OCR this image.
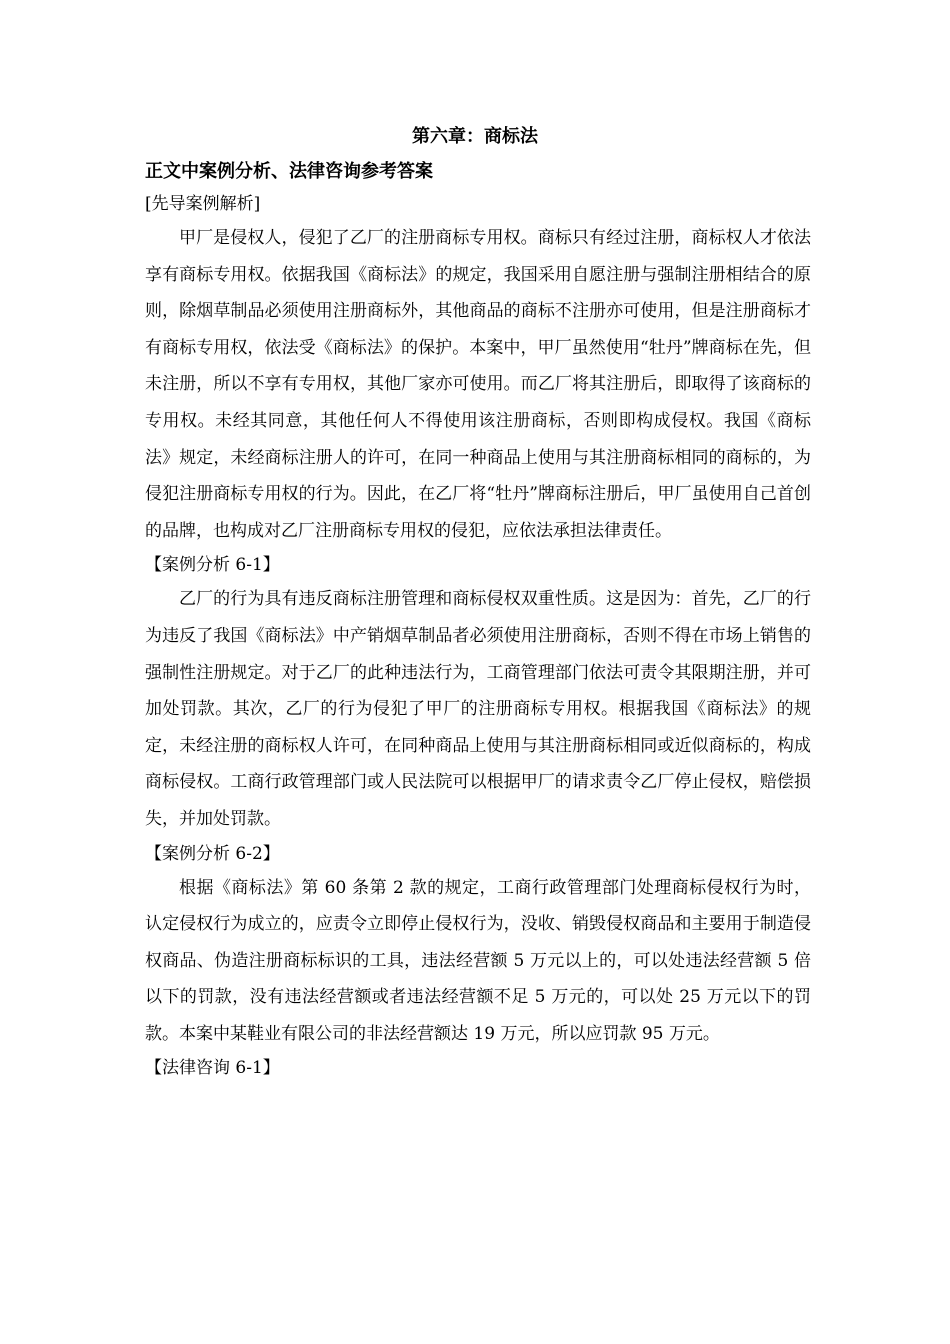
第六章：商标法

正文中案例分析、法律咨询参考答案

[先导案例解析]

甲厂是侵权人，侵犯了乙厂的注册商标专用权。商标只有经过注册，商标权人才依法享有商标专用权。依据我国《商标法》的规定，我国采用自愿注册与强制注册相结合的原则，除烟草制品必须使用注册商标外，其他商品的商标不注册亦可使用，但是注册商标才有商标专用权，依法受《商标法》的保护。本案中，甲厂虽然使用“牡丹”牌商标在先，但未注册，所以不享有专用权，其他厂家亦可使用。而乙厂将其注册后，即取得了该商标的专用权。未经其同意，其他任何人不得使用该注册商标，否则即构成侵权。我国《商标法》规定，未经商标注册人的许可，在同一种商品上使用与其注册商标相同的商标的，为侵犯注册商标专用权的行为。因此，在乙厂将“牡丹”牌商标注册后，甲厂虽使用自己首创的品牌，也构成对乙厂注册商标专用权的侵犯，应依法承担法律责任。

【案例分析 6-1】

乙厂的行为具有违反商标注册管理和商标侵权双重性质。这是因为：首先，乙厂的行为违反了我国《商标法》中产销烟草制品者必须使用注册商标，否则不得在市场上销售的强制性注册规定。对于乙厂的此种违法行为，工商管理部门依法可责令其限期注册，并可加处罚款。其次，乙厂的行为侵犯了甲厂的注册商标专用权。根据我国《商标法》的规定，未经注册的商标权人许可，在同种商品上使用与其注册商标相同或近似商标的，构成商标侵权。工商行政管理部门或人民法院可以根据甲厂的请求责令乙厂停止侵权，赔偿损失，并加处罚款。

【案例分析 6-2】

根据《商标法》第 60 条第 2 款的规定，工商行政管理部门处理商标侵权行为时，认定侵权行为成立的，应责令立即停止侵权行为，没收、销毁侵权商品和主要用于制造侵权商品、伪造注册商标标识的工具，违法经营额 5 万元以上的，可以处违法经营额 5 倍以下的罚款，没有违法经营额或者违法经营额不足 5 万元的，可以处 25 万元以下的罚款。本案中某鞋业有限公司的非法经营额达 19 万元，所以应罚款 95 万元。

【法律咨询 6-1】
